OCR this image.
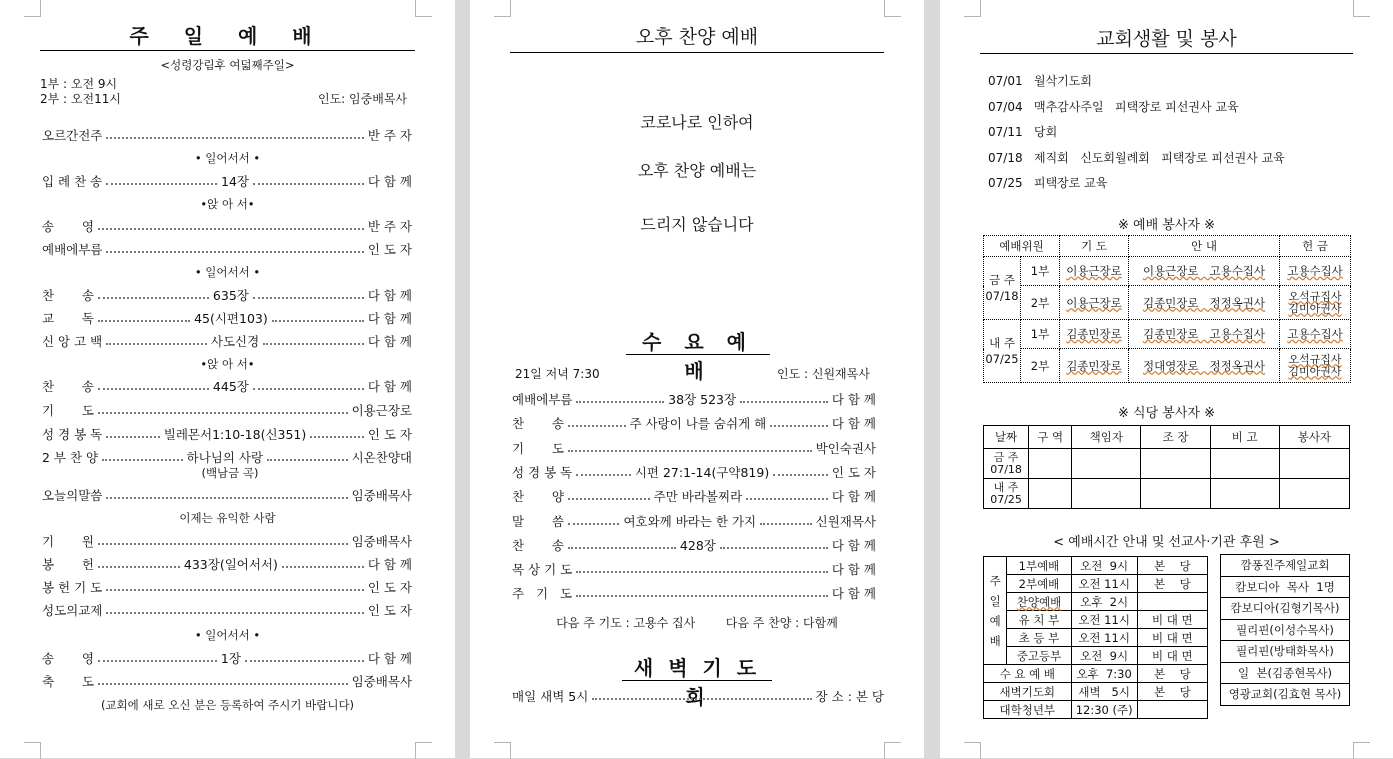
주 일 예 배
<성령강림후 여덟째주일>
1부 : 오전 9시
2부 : 오전11시	인도: 임중배목사
오르간전주	반 주 자
• 일어서서 •
입 례 찬 송	14장	다 함 께
•앉 아 서•
송       영	반 주 자
예배에부름	인 도 자
• 일어서서 •
찬       송	635장	다 함 께
교       독	45(시편103)	다 함 께
신 앙 고 백	사도신경	다 함 께
•앉 아 서•
찬       송	445장	다 함 께
기       도	이용근장로
성 경 봉 독	빌레몬서1:10-18(신351)	인 도 자
2 부 찬 양	하나님의 사랑	시온찬양대
(백남금 곡)
오늘의말씀	임중배목사
이제는 유익한 사람
기       원	임중배목사
봉       헌	433장(일어서서)	다 함 께
봉 헌 기 도	인 도 자
성도의교제	인 도 자
• 일어서서 •
송       영	1장	다 함 께
축       도	임중배목사
(교회에 새로 오신 분은 등록하여 주시기 바랍니다)
오후 찬양 예배
코로나로 인하여
오후 찬양 예배는
드리지 않습니다
수 요 예 배
21일 저녁 7:30	인도 : 신원재목사
예배에부름	38장 523장	다 함 께
찬       송	주 사랑이 나를 숨쉬게 해	다 함 께
기       도	박인숙권사
성 경 봉 독	시편 27:1-14(구약819)	인 도 자
찬       양	주만 바라볼찌라	다 함 께
말       씀	여호와께 바라는 한 가지	신원재목사
찬       송	428장	다 함 께
목 상 기 도	다 함 께
주   기   도	다 함 께
다음 주 기도 : 고용수 집사        다음 주 찬양 : 다함께
새 벽 기 도 회
매일 새벽 5시	장 소 : 본 당
교회생활 및 봉사
07/01 월삭기도회
07/04 맥추감사주일   피택장로 피선권사 교육
07/11 당회
07/18 제직회   신도회월례회   피택장로 피선권사 교육
07/25 피택장로 교육
※ 예배 봉사자 ※
예배위원		기 도	안 내	헌 금
금 주
07/18	1부	이용근장로	이용근장로   고용수집사	고용수집사
	2부	이용근장로	김종민장로   정정옥권사	오석규집사
김미아권사
내 주
07/25	1부	김종민장로	김종민장로   고용수집사	고용수집사
	2부	김종민장로	정대영장로   정정옥권사	오석규집사
김미아권사
※ 식당 봉사자 ※
날짜	구 역	책임자	조 장	비 고	봉사자
금 주
07/18					
내 주
07/25					
< 예배시간 안내 및 선교사·기관 후원 >
주
일
예
배	1부예배	오전  9시	본    당
	2부예배	오전 11시	본    당
	찬양예배	오후  2시	
	유 치 부	오전 11시	비 대 면
	초 등 부	오전 11시	비 대 면
	중고등부	오전  9시	비 대 면
수 요 예 배		오후  7:30	본    당
새벽기도회		새벽   5시	본    당
대학청년부		12:30 (주)	
깜퐁진주제일교회
캄보디아  목사  1명
캄보디아(김형기목사)
필리핀(이성수목사)
필리핀(방태화목사)
일  본(김종현목사)
영광교회(김효현 목사)
